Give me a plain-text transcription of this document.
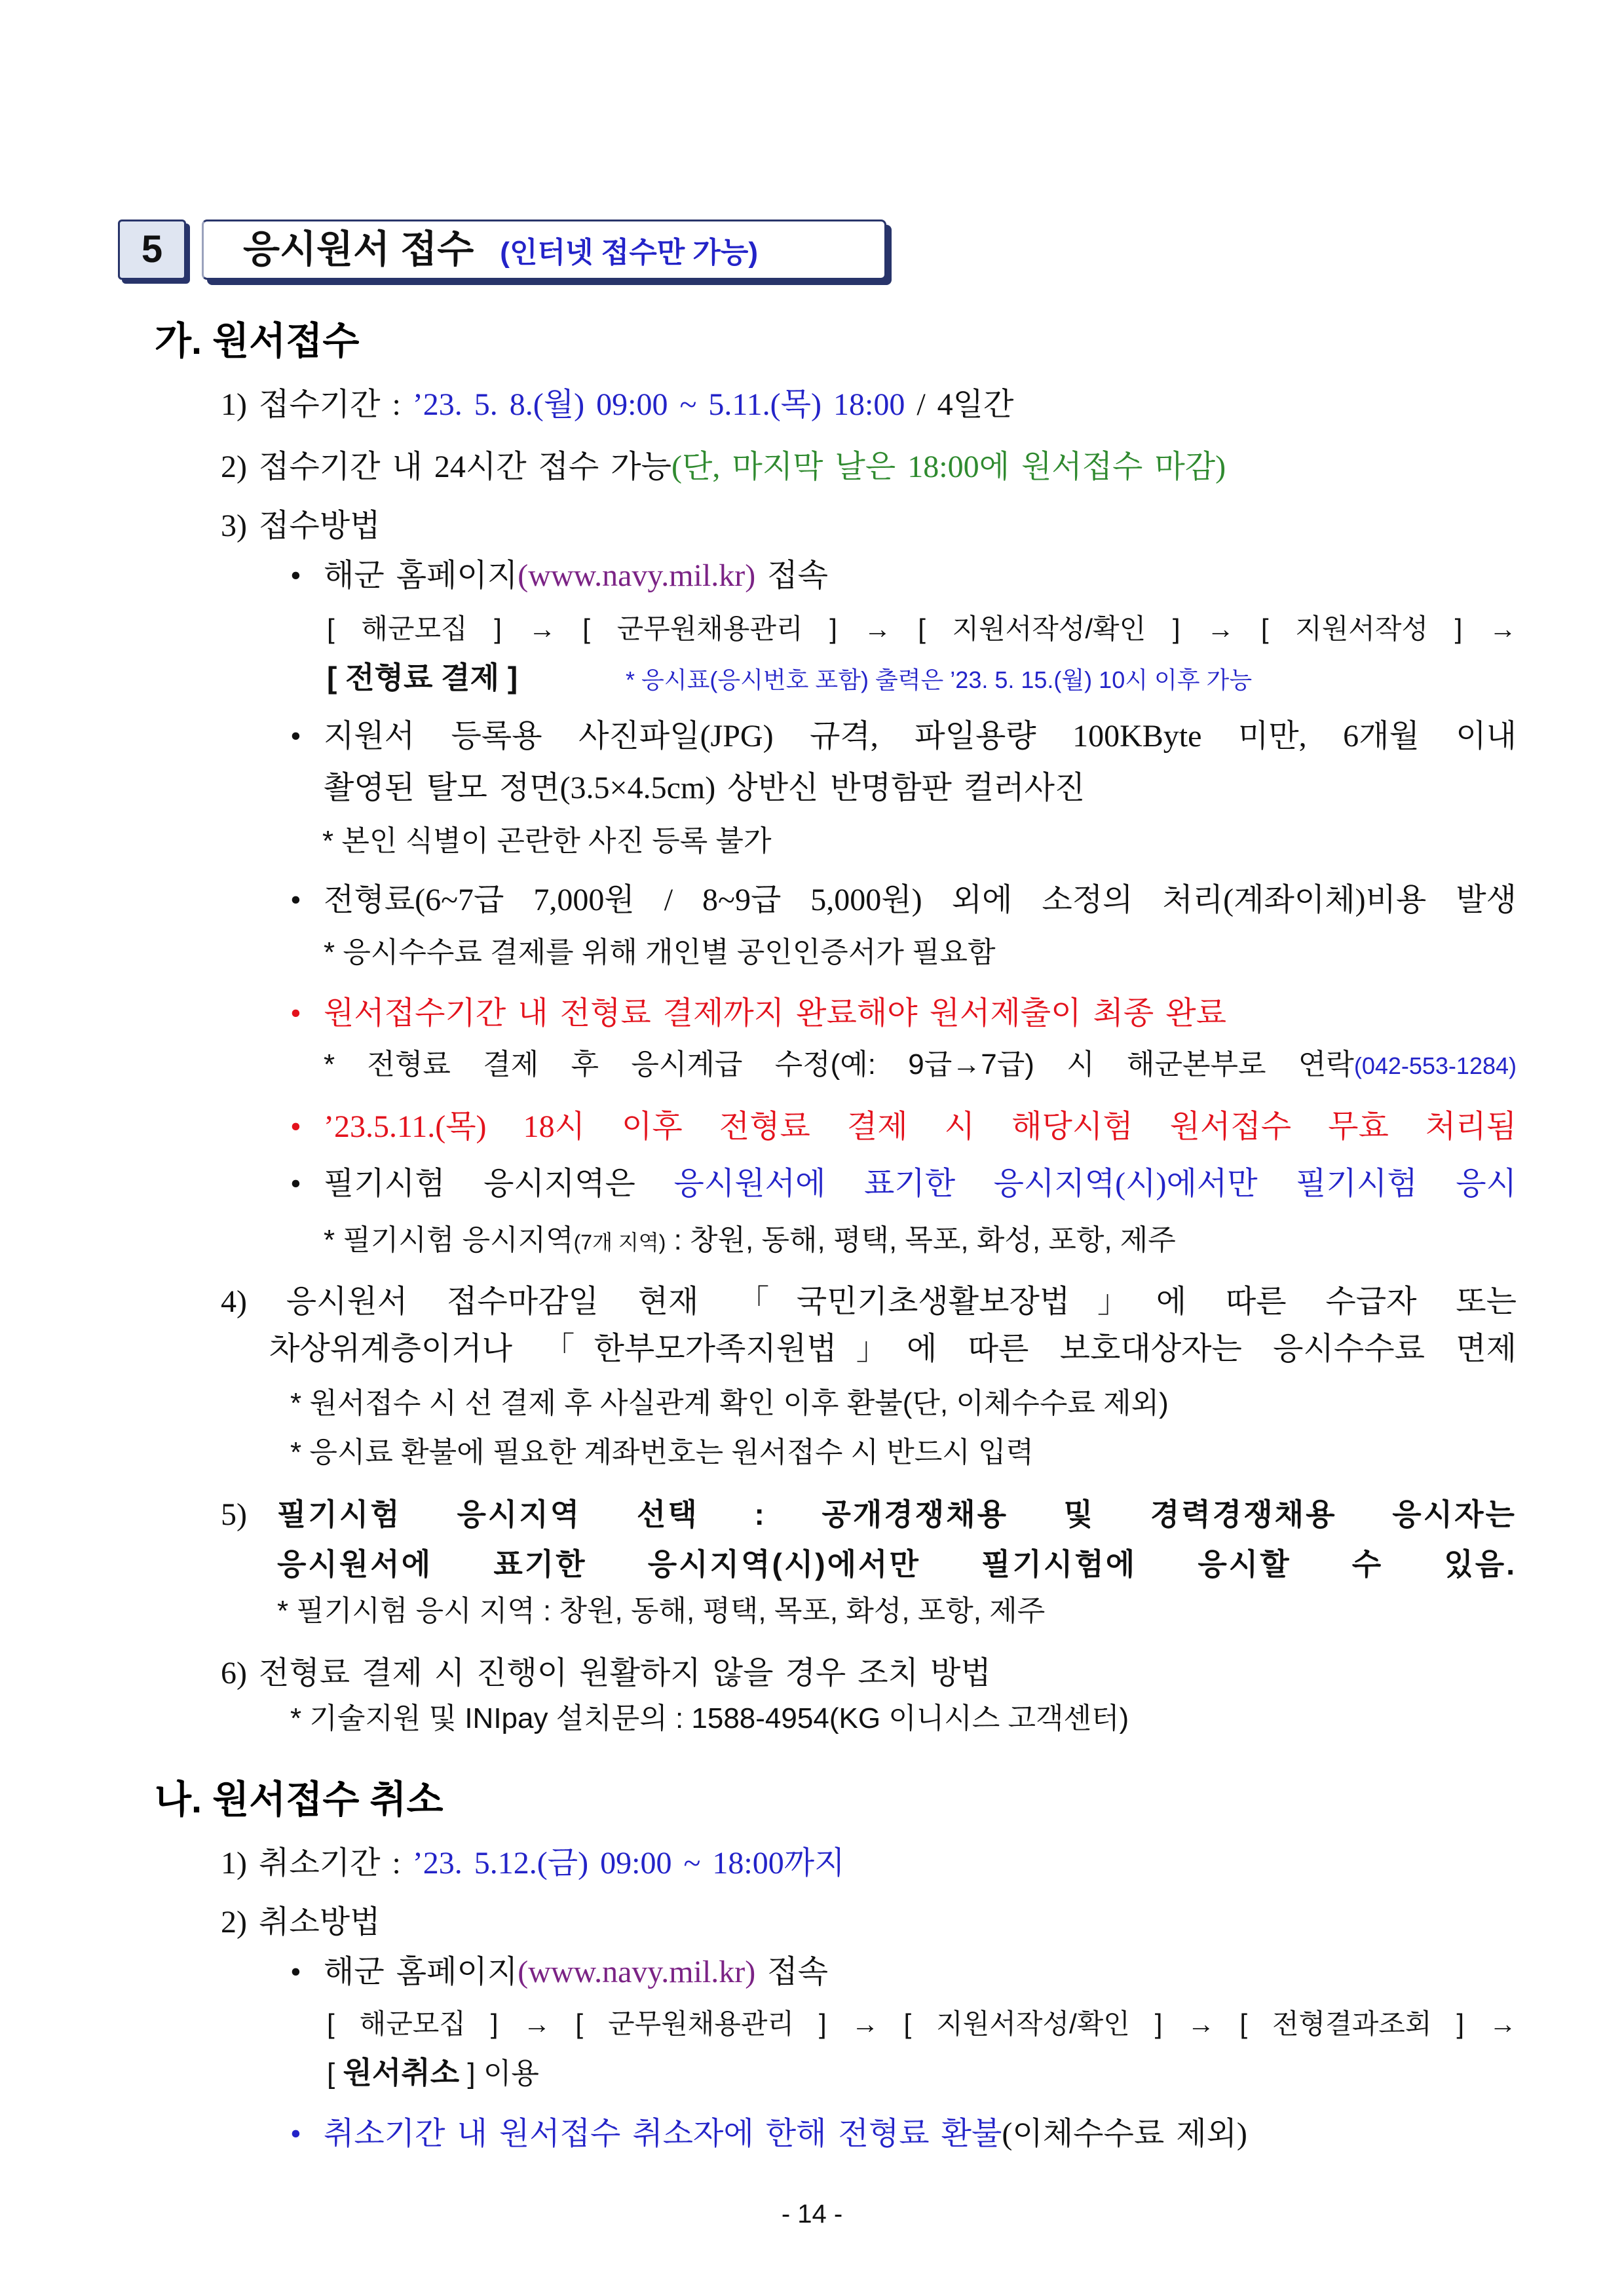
5	응시원서 접수 (인터넷 접수만 가능)
가. 원서접수
1) 접수기간 : ’23. 5. 8.(월) 09:00 ~ 5.11.(목) 18:00 / 4일간
2) 접수기간 내 24시간 접수 가능(단, 마지막 날은 18:00에 원서접수 마감)
3) 접수방법
• 해군 홈페이지(www.navy.mil.kr) 접속
[ 해군모집 ] → [ 군무원채용관리 ] → [ 지원서작성/확인 ] → [ 지원서작성 ] →
[ 전형료 결제 ]	* 응시표(응시번호 포함) 출력은 ’23. 5. 15.(월) 10시 이후 가능
• 지원서 등록용 사진파일(JPG) 규격, 파일용량 100KByte 미만, 6개월 이내
촬영된 탈모 정면(3.5×4.5cm) 상반신 반명함판 컬러사진
* 본인 식별이 곤란한 사진 등록 불가
• 전형료(6~7급 7,000원 / 8~9급 5,000원) 외에 소정의 처리(계좌이체)비용 발생
* 응시수수료 결제를 위해 개인별 공인인증서가 필요함
• 원서접수기간 내 전형료 결제까지 완료해야 원서제출이 최종 완료
* 전형료 결제 후 응시계급 수정(예: 9급→7급) 시 해군본부로 연락(042-553-1284)
• ’23.5.11.(목) 18시 이후 전형료 결제 시 해당시험 원서접수 무효 처리됨
• 필기시험 응시지역은 응시원서에 표기한 응시지역(시)에서만 필기시험 응시
* 필기시험 응시지역(7개 지역) : 창원, 동해, 평택, 목포, 화성, 포항, 제주
4) 응시원서 접수마감일 현재 「국민기초생활보장법」에 따른 수급자 또는
차상위계층이거나 「한부모가족지원법」에 따른 보호대상자는 응시수수료 면제
* 원서접수 시 선 결제 후 사실관계 확인 이후 환불(단, 이체수수료 제외)
* 응시료 환불에 필요한 계좌번호는 원서접수 시 반드시 입력
5) 필기시험 응시지역 선택 : 공개경쟁채용 및 경력경쟁채용 응시자는
응시원서에 표기한 응시지역(시)에서만 필기시험에 응시할 수 있음.
* 필기시험 응시 지역 : 창원, 동해, 평택, 목포, 화성, 포항, 제주
6) 전형료 결제 시 진행이 원활하지 않을 경우 조치 방법
* 기술지원 및 INIpay 설치문의 : 1588-4954(KG 이니시스 고객센터)
나. 원서접수 취소
1) 취소기간 : ’23. 5.12.(금) 09:00 ~ 18:00까지
2) 취소방법
• 해군 홈페이지(www.navy.mil.kr) 접속
[ 해군모집 ] → [ 군무원채용관리 ] → [ 지원서작성/확인 ] → [ 전형결과조회 ] →
[ 원서취소 ] 이용
• 취소기간 내 원서접수 취소자에 한해 전형료 환불(이체수수료 제외)
- 14 -
